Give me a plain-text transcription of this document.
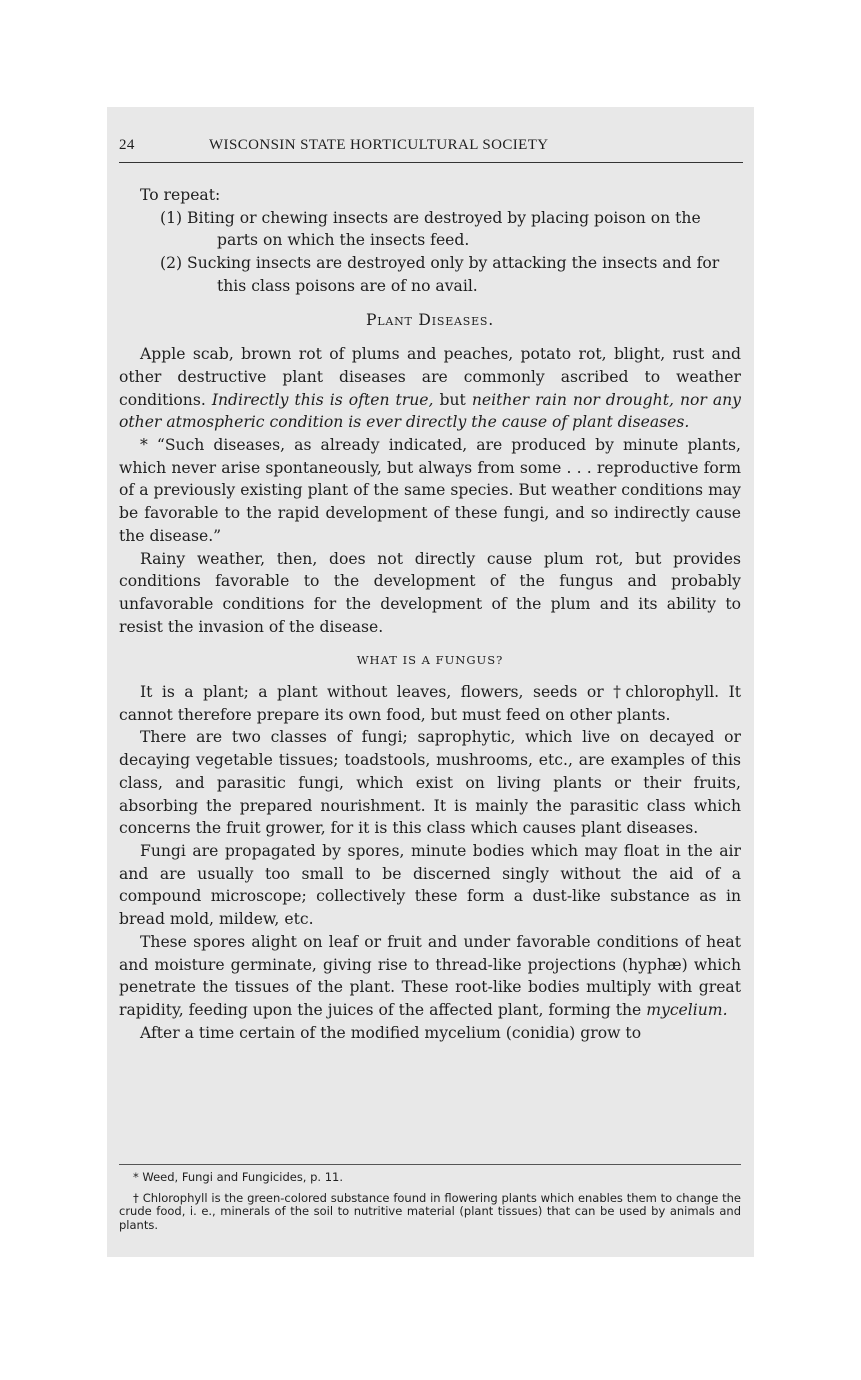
24	WISCONSIN STATE HORTICULTURAL SOCIETY

To repeat:

(1) Biting or chewing insects are destroyed by placing poison on the parts on which the insects feed.

(2) Sucking insects are destroyed only by attacking the insects and for this class poisons are of no avail.

Plant Diseases.

Apple scab, brown rot of plums and peaches, potato rot, blight, rust and other destructive plant diseases are commonly ascribed to weather conditions. Indirectly this is often true, but neither rain nor drought, nor any other atmospheric condition is ever directly the cause of plant diseases.

* “Such diseases, as already indicated, are produced by minute plants, which never arise spontaneously, but always from some . . . reproductive form of a previously existing plant of the same species. But weather conditions may be favorable to the rapid development of these fungi, and so indirectly cause the disease.”

Rainy weather, then, does not directly cause plum rot, but provides conditions favorable to the development of the fungus and probably unfavorable conditions for the development of the plum and its ability to resist the invasion of the disease.

WHAT IS A FUNGUS?

It is a plant; a plant without leaves, flowers, seeds or †chlorophyll. It cannot therefore prepare its own food, but must feed on other plants.

There are two classes of fungi; saprophytic, which live on decayed or decaying vegetable tissues; toadstools, mushrooms, etc., are examples of this class, and parasitic fungi, which exist on living plants or their fruits, absorbing the prepared nourishment. It is mainly the parasitic class which concerns the fruit grower, for it is this class which causes plant diseases.

Fungi are propagated by spores, minute bodies which may float in the air and are usually too small to be discerned singly without the aid of a compound microscope; collectively these form a dust-like substance as in bread mold, mildew, etc.

These spores alight on leaf or fruit and under favorable conditions of heat and moisture germinate, giving rise to thread-like projections (hyphæ) which penetrate the tissues of the plant. These root-like bodies multiply with great rapidity, feeding upon the juices of the affected plant, forming the mycelium.

After a time certain of the modified mycelium (conidia) grow to

* Weed, Fungi and Fungicides, p. 11.

† Chlorophyll is the green-colored substance found in flowering plants which enables them to change the crude food, i. e., minerals of the soil to nutritive material (plant tissues) that can be used by animals and plants.
